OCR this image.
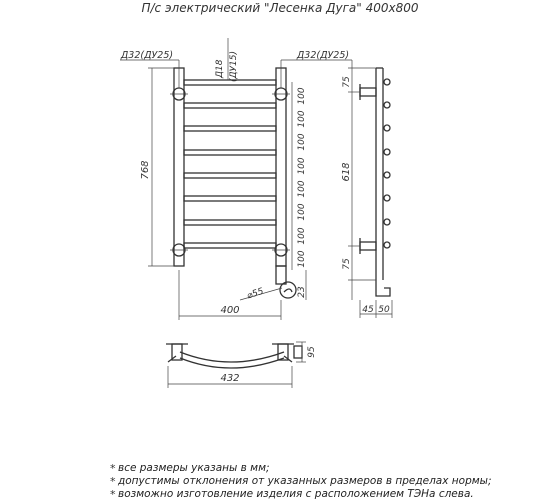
П/с электрический "Лесенка Дуга" 400х800
Д32(ДУ25)	Д32(ДУ25)
Д18 (ДУ15)
768
100
100
100
100
100
100
100
100
23
⌀55
400
75
618
75
45 50
432
95
*
*
*
все размеры указаны в мм;
допустимы отклонения от указанных размеров в пределах нормы;
возможно изготовление изделия с расположением ТЭНа слева.
